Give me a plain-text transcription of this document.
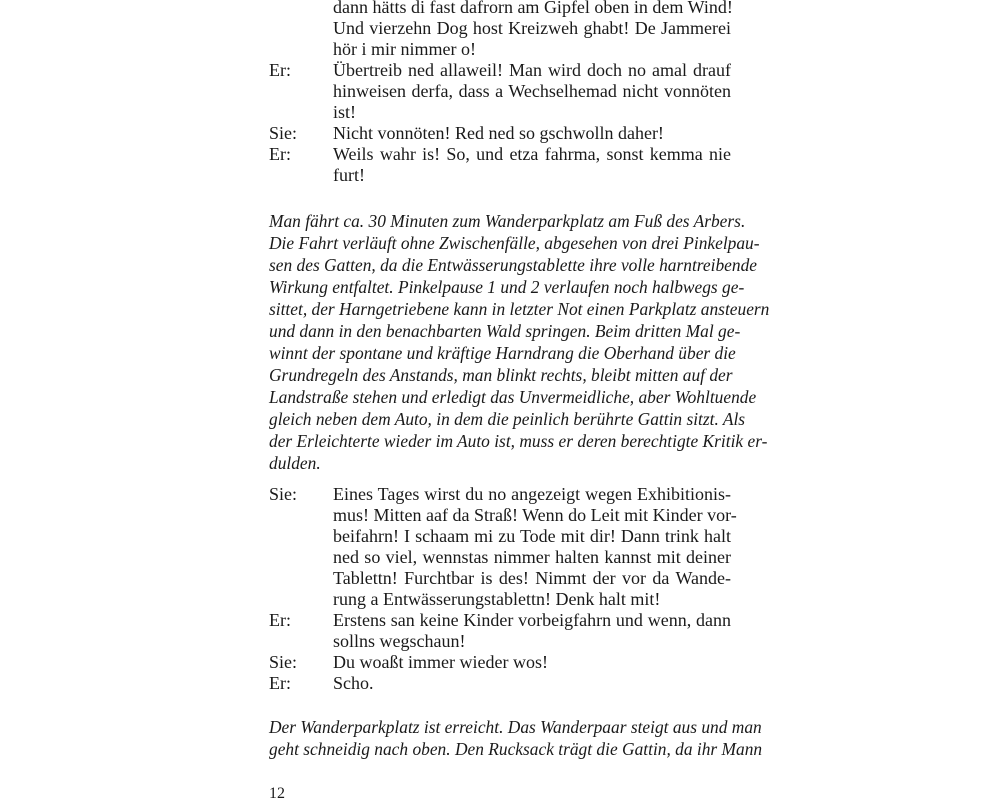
dann hätts di fast dafrorn am Gipfel oben in dem Wind!
Und vierzehn Dog host Kreizweh ghabt! De Jammerei
hör i mir nimmer o!
Er:	Übertreib ned allaweil! Man wird doch no amal drauf
hinweisen derfa, dass a Wechselhemad nicht vonnöten
ist!
Sie:	Nicht vonnöten! Red ned so gschwolln daher!
Er:	Weils wahr is! So, und etza fahrma, sonst kemma nie
furt!
Man fährt ca. 30 Minuten zum Wanderparkplatz am Fuß des Arbers.
Die Fahrt verläuft ohne Zwischenfälle, abgesehen von drei Pinkelpau-
sen des Gatten, da die Entwässerungstablette ihre volle harntreibende
Wirkung entfaltet. Pinkelpause 1 und 2 verlaufen noch halbwegs ge-
sittet, der Harngetriebene kann in letzter Not einen Parkplatz ansteuern
und dann in den benachbarten Wald springen. Beim dritten Mal ge-
winnt der spontane und kräftige Harndrang die Oberhand über die
Grundregeln des Anstands, man blinkt rechts, bleibt mitten auf der
Landstraße stehen und erledigt das Unvermeidliche, aber Wohltuende
gleich neben dem Auto, in dem die peinlich berührte Gattin sitzt. Als
der Erleichterte wieder im Auto ist, muss er deren berechtigte Kritik er-
dulden.
Sie:	Eines Tages wirst du no angezeigt wegen Exhibitionis-
mus! Mitten aaf da Straß! Wenn do Leit mit Kinder vor-
beifahrn! I schaam mi zu Tode mit dir! Dann trink halt
ned so viel, wennstas nimmer halten kannst mit deiner
Tablettn! Furchtbar is des! Nimmt der vor da Wande-
rung a Entwässerungstablettn! Denk halt mit!
Er:	Erstens san keine Kinder vorbeigfahrn und wenn, dann
sollns wegschaun!
Sie:	Du woaßt immer wieder wos!
Er:	Scho.
Der Wanderparkplatz ist erreicht. Das Wanderpaar steigt aus und man
geht schneidig nach oben. Den Rucksack trägt die Gattin, da ihr Mann
12
